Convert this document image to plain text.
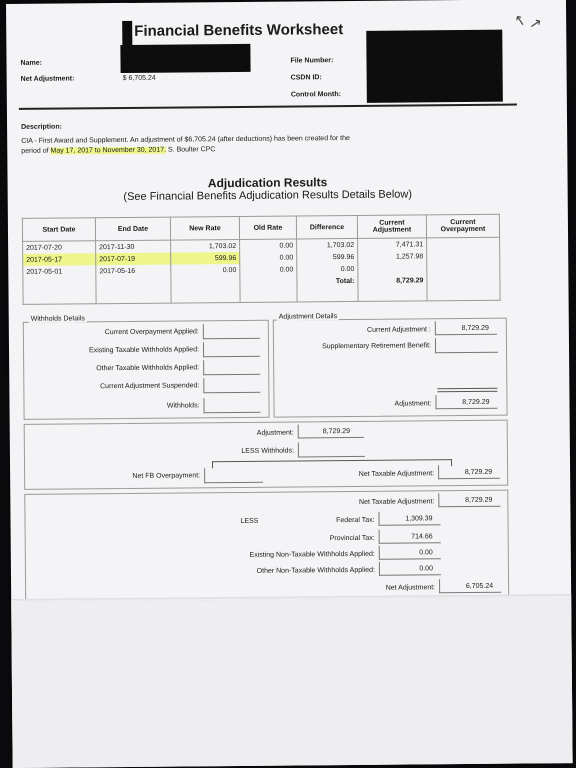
Financial Benefits Worksheet
Name:
Net Adjustment:	$ 6,705.24
File Number:
CSDN ID:
Control Month:
↖ ↗
Description:
CIA - First Award and Supplement. An adjustment of $6,705.24 (after deductions) has been created for the
period of May 17, 2017 to November 30, 2017. S. Boulter CPC
Adjudication Results
(See Financial Benefits Adjudication Results Details Below)
Start Date	End Date	New Rate	Old Rate	Difference	Current Adjustment	Current Overpayment
2017-07-20	2017-11-30	1,703.02	0.00	1,703.02	7,471.31	
2017-05-17	2017-07-19	599.96	0.00	599.96	1,257.98	
2017-05-01	2017-05-16	0.00	0.00	0.00		
				Total:	8,729.29	

Withholds Details
Current Overpayment Applied:
Existing Taxable Withholds Applied:
Other Taxable Withholds Applied:
Current Adjustment Suspended:
Withholds:
Adjustment Details
Current Adjustment :	8,729.29
Supplementary Retirement Benefit:
Adjustment:	8,729.29
Adjustment:	8,729.29
LESS Withholds:
Net FB Overpayment:	Net Taxable Adjustment:	8,729.29
Net Taxable Adjustment:	8,729.29
LESS	Federal Tax:	1,309.39
Provincial Tax:	714.66
Existing Non-Taxable Withholds Applied:	0.00
Other Non-Taxable Withholds Applied:	0.00
Net Adjustment:	6,705.24
